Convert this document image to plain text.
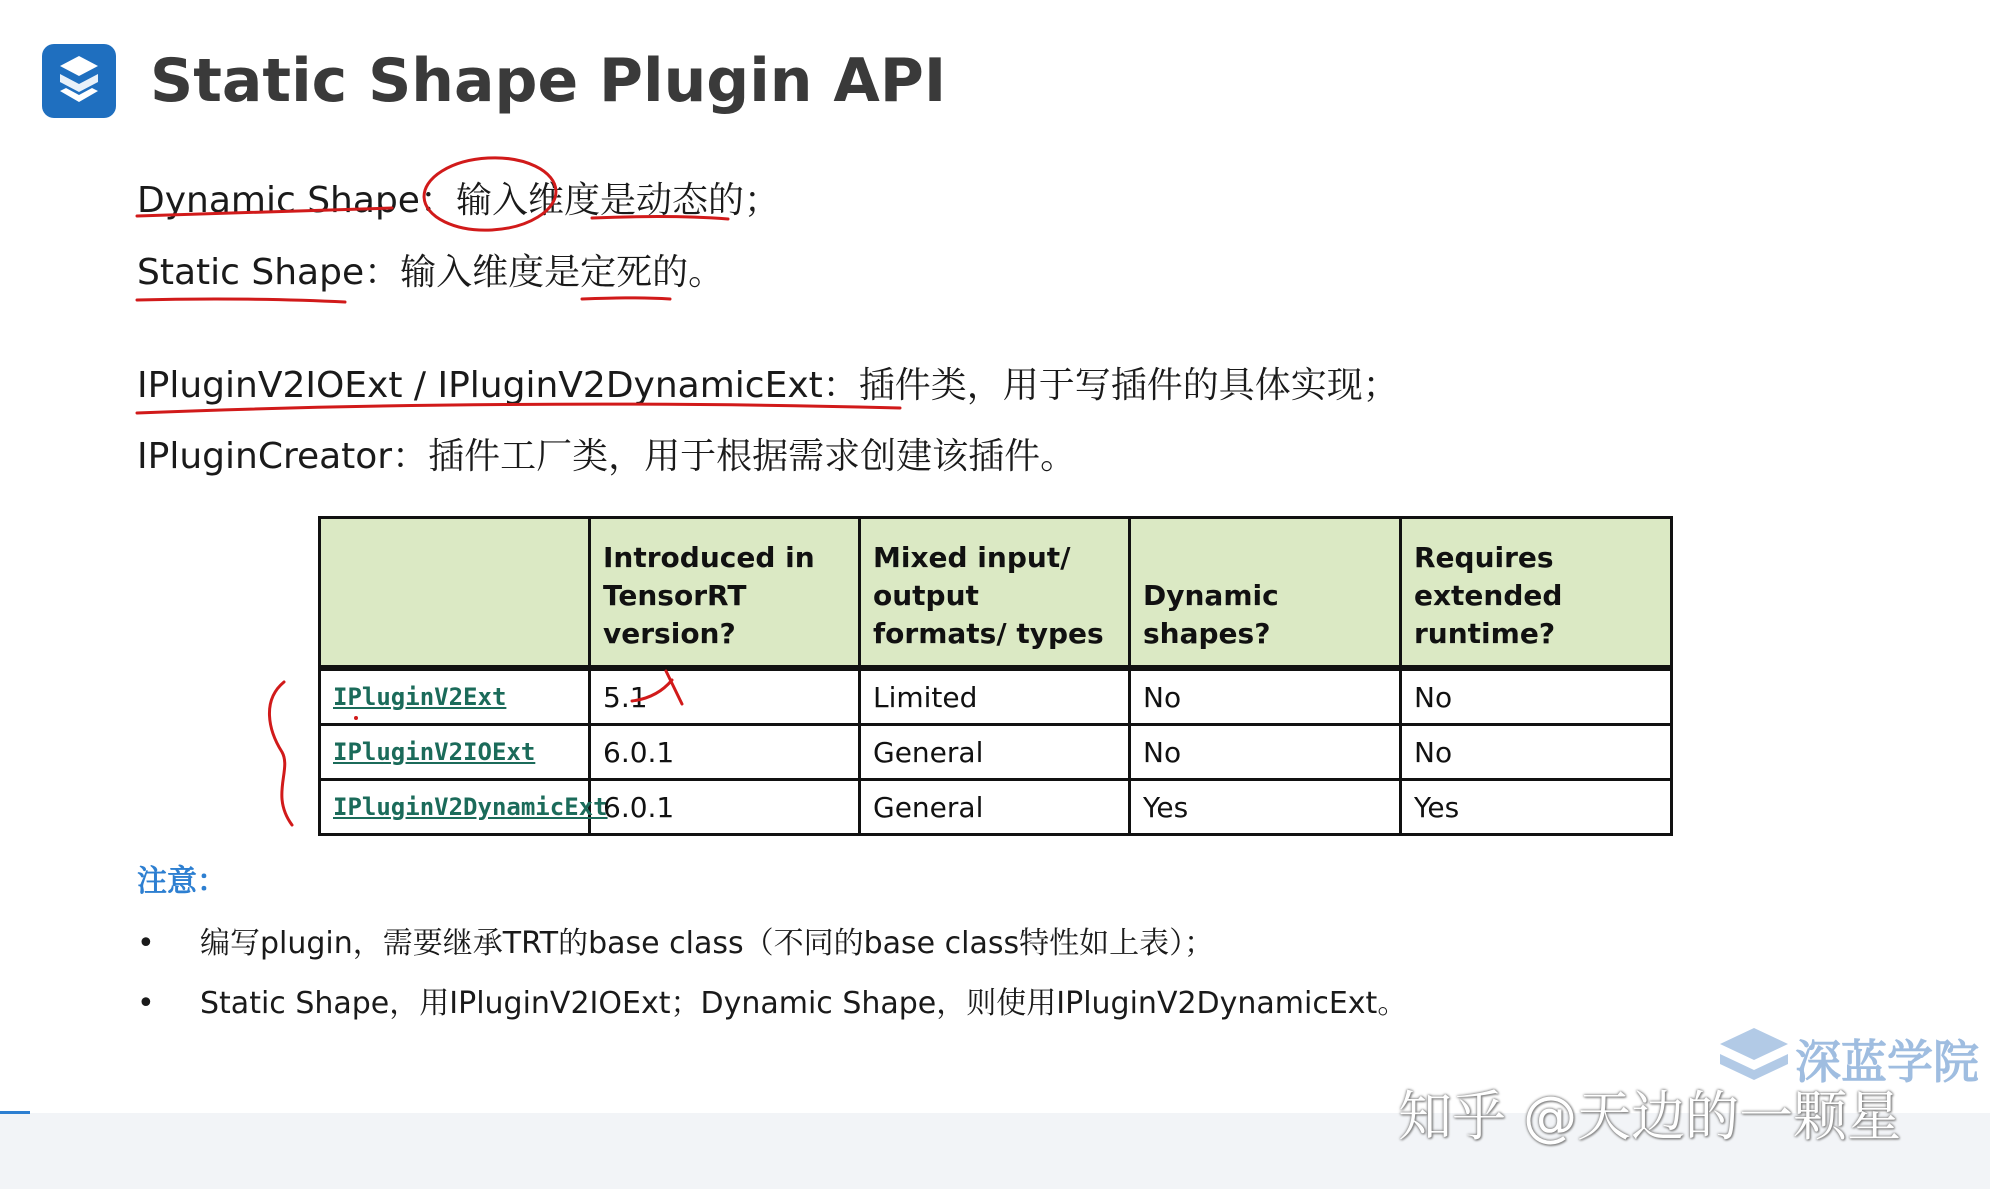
Static Shape Plugin API
Dynamic Shape：输入维度是动态的；
Static Shape：输入维度是定死的。
IPluginV2IOExt / IPluginV2DynamicExt：插件类，用于写插件的具体实现；
IPluginCreator：插件工厂类，用于根据需求创建该插件。
	Introduced in TensorRT version?	Mixed input/ output formats/ types	Dynamic shapes?	Requires extended runtime?
IPluginV2Ext	5.1	Limited	No	No
IPluginV2IOExt	6.0.1	General	No	No
IPluginV2DynamicExt	6.0.1	General	Yes	Yes
注意：
• 编写plugin，需要继承TRT的base class（不同的base class特性如上表）；
• Static Shape，用IPluginV2IOExt；Dynamic Shape，则使用IPluginV2DynamicExt。
深蓝学院
知乎 @天边的一颗星
